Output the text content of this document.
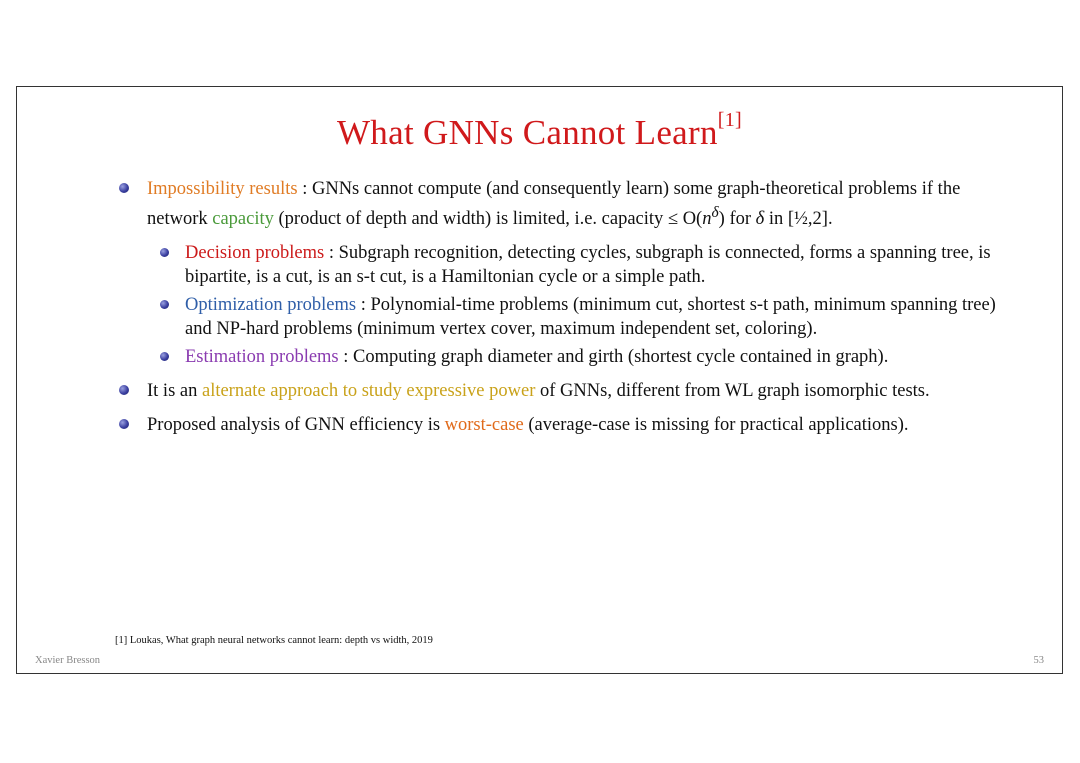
What GNNs Cannot Learn[1]
Impossibility results : GNNs cannot compute (and consequently learn) some graph-theoretical problems if the network capacity (product of depth and width) is limited, i.e. capacity ≤ $O(n^\delta)$ for δ in [½,2].
Decision problems : Subgraph recognition, detecting cycles, subgraph is connected, forms a spanning tree, is bipartite, is a cut, is an s-t cut, is a Hamiltonian cycle or a simple path.
Optimization problems : Polynomial-time problems (minimum cut, shortest s-t path, minimum spanning tree) and NP-hard problems (minimum vertex cover, maximum independent set, coloring).
Estimation problems : Computing graph diameter and girth (shortest cycle contained in graph).
It is an alternate approach to study expressive power of GNNs, different from WL graph isomorphic tests.
Proposed analysis of GNN efficiency is worst-case (average-case is missing for practical applications).
[1] Loukas, What graph neural networks cannot learn: depth vs width, 2019
Xavier Bresson	53
